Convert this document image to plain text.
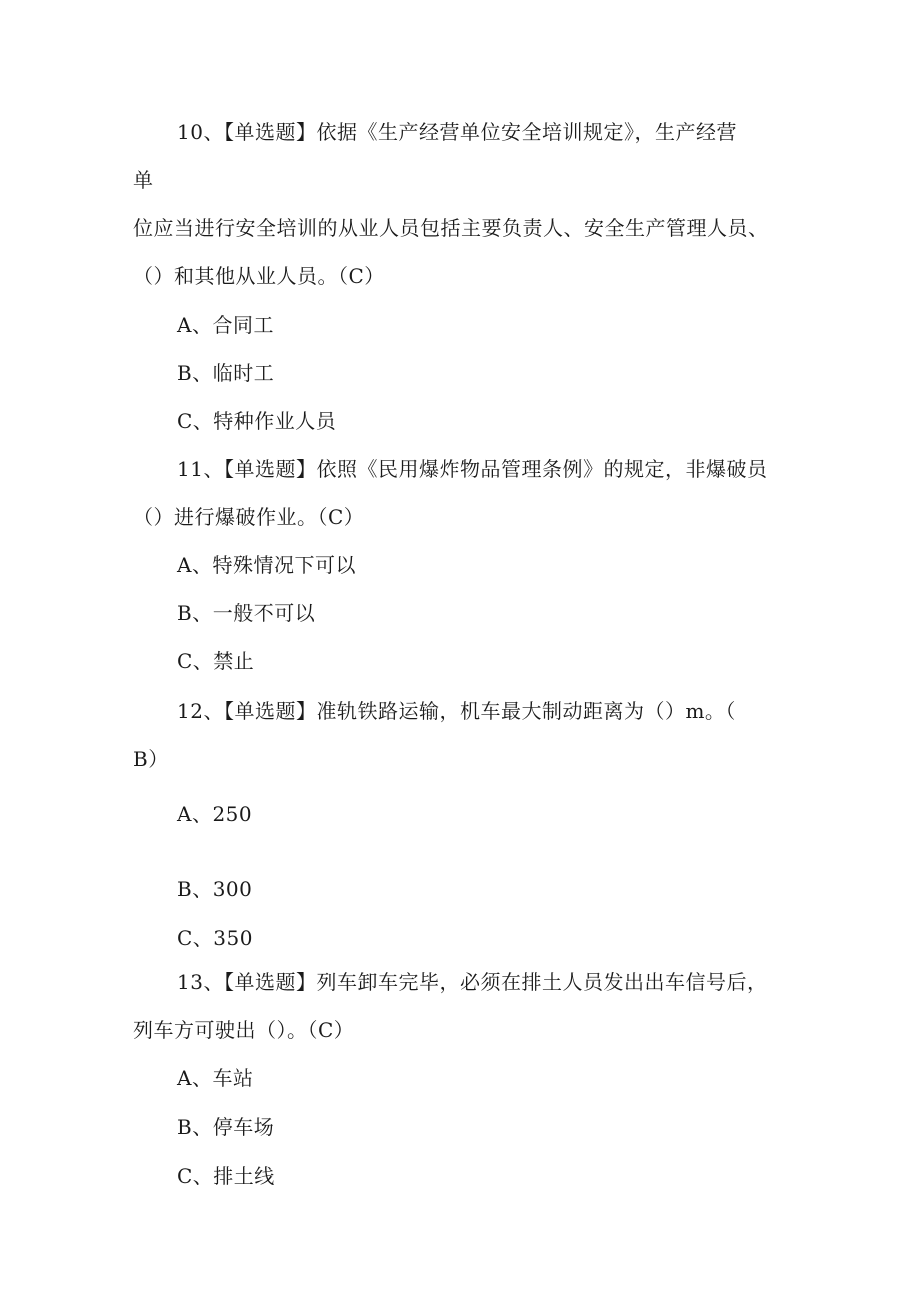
10、【单选题】依据《生产经营单位安全培训规定》，生产经营
单
位应当进行安全培训的从业人员包括主要负责人、安全生产管理人员、
（）和其他从业人员。（C）
A、合同工
B、临时工
C、特种作业人员
11、【单选题】依照《民用爆炸物品管理条例》的规定，非爆破员
（）进行爆破作业。（C）
A、特殊情况下可以
B、一般不可以
C、禁止
12、【单选题】准轨铁路运输，机车最大制动距离为（）m。（
B）
A、250
B、300
C、350
13、【单选题】列车卸车完毕，必须在排土人员发出出车信号后，
列车方可驶出（）。（C）
A、车站
B、停车场
C、排土线
